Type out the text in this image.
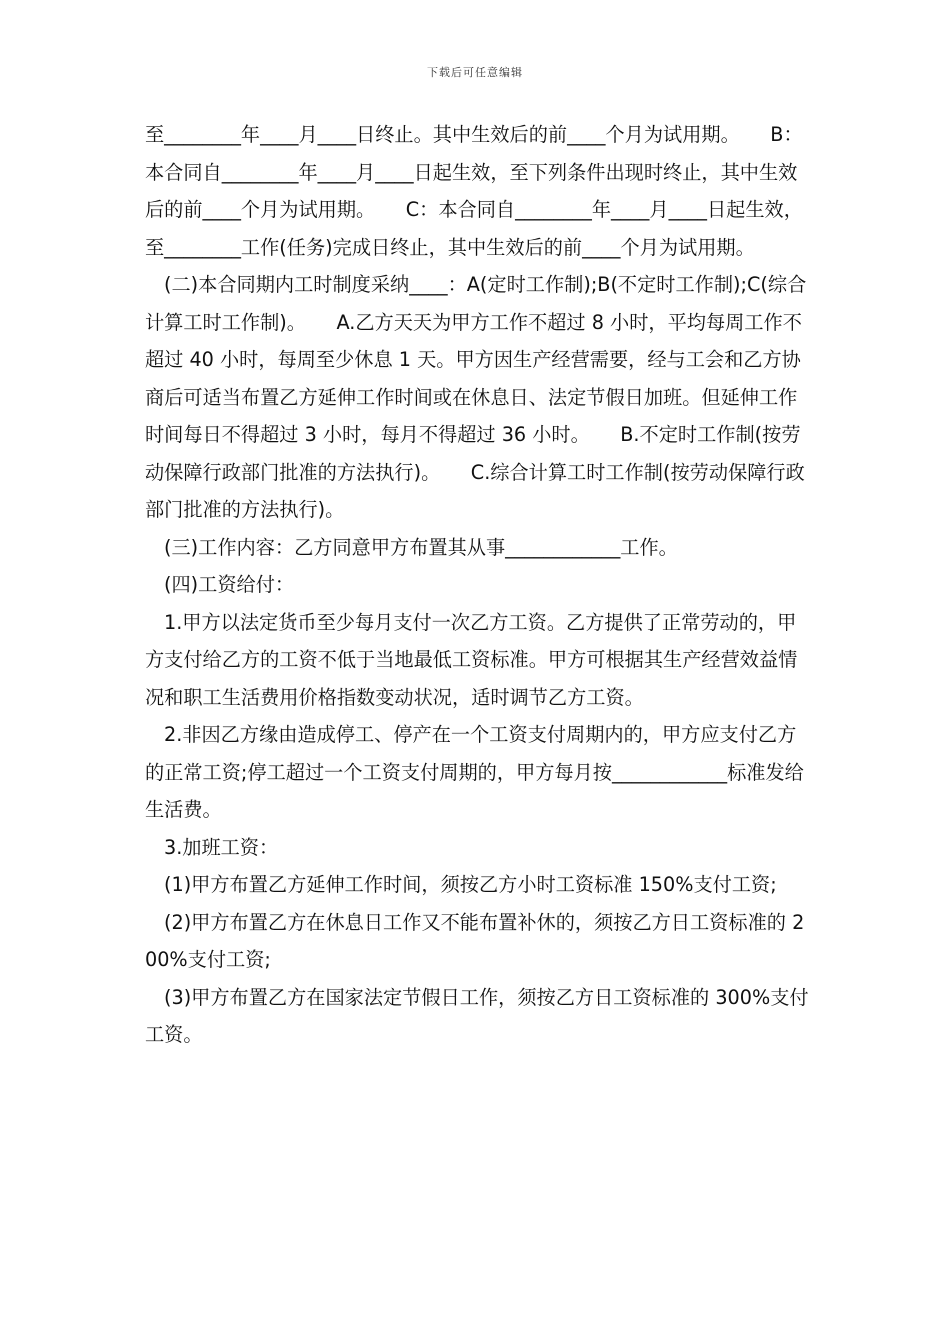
下载后可任意编辑

至________年____月____日终止。其中生效后的前____个月为试用期。     B：本合同自________年____月____日起生效，至下列条件出现时终止，其中生效后的前____个月为试用期。     C：本合同自________年____月____日起生效，至________工作(任务)完成日终止，其中生效后的前____个月为试用期。

(二)本合同期内工时制度采纳____：A(定时工作制);B(不定时工作制);C(综合计算工时工作制)。     A.乙方天天为甲方工作不超过 8 小时，平均每周工作不超过 40 小时，每周至少休息 1 天。甲方因生产经营需要，经与工会和乙方协商后可适当布置乙方延伸工作时间或在休息日、法定节假日加班。但延伸工作时间每日不得超过 3 小时，每月不得超过 36 小时。     B.不定时工作制(按劳动保障行政部门批准的方法执行)。     C.综合计算工时工作制(按劳动保障行政部门批准的方法执行)。

(三)工作内容：乙方同意甲方布置其从事____________工作。

(四)工资给付：

1.甲方以法定货币至少每月支付一次乙方工资。乙方提供了正常劳动的，甲方支付给乙方的工资不低于当地最低工资标准。甲方可根据其生产经营效益情况和职工生活费用价格指数变动状况，适时调节乙方工资。

2.非因乙方缘由造成停工、停产在一个工资支付周期内的，甲方应支付乙方的正常工资;停工超过一个工资支付周期的，甲方每月按____________标准发给生活费。

3.加班工资：

(1)甲方布置乙方延伸工作时间，须按乙方小时工资标准 150%支付工资;

(2)甲方布置乙方在休息日工作又不能布置补休的，须按乙方日工资标准的 200%支付工资;

(3)甲方布置乙方在国家法定节假日工作，须按乙方日工资标准的 300%支付工资。
